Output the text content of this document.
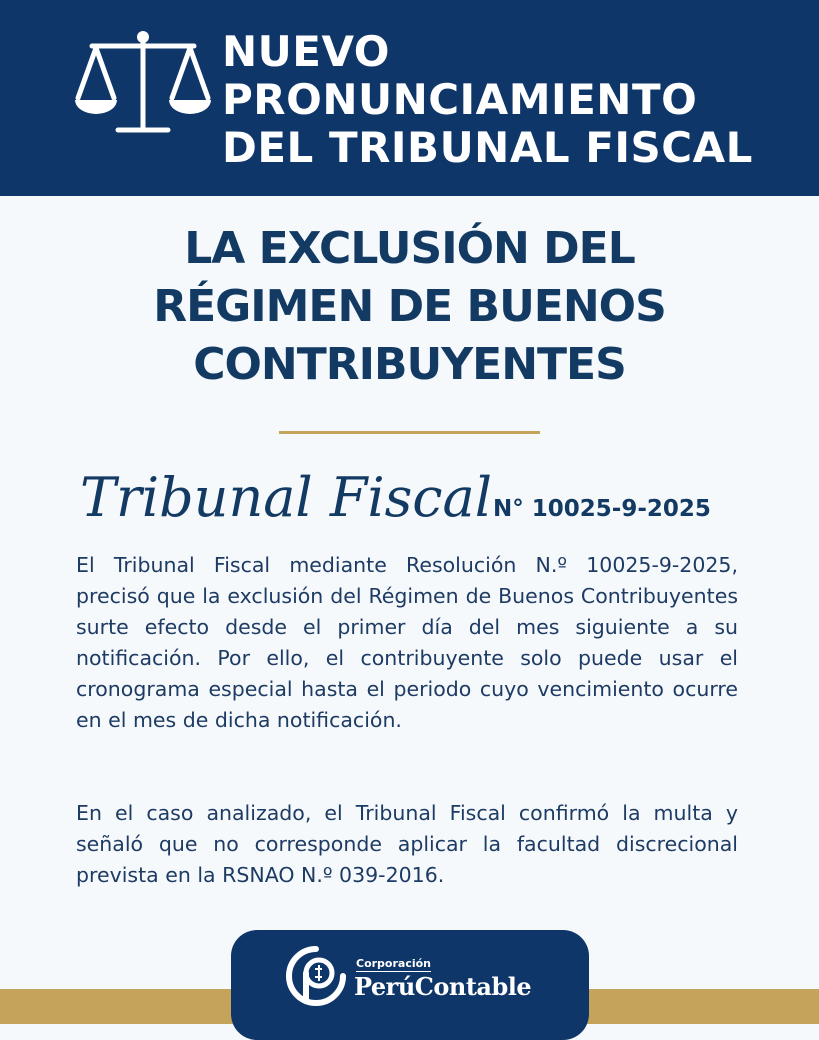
NUEVO
PRONUNCIAMIENTO
DEL TRIBUNAL FISCAL
LA EXCLUSIÓN DEL
RÉGIMEN DE BUENOS
CONTRIBUYENTES
Tribunal Fiscal N° 10025-9-2025
El Tribunal Fiscal mediante Resolución N.º 10025-9-2025, precisó que la exclusión del Régimen de Buenos Contribuyentes surte efecto desde el primer día del mes siguiente a su notificación. Por ello, el contribuyente solo puede usar el cronograma especial hasta el periodo cuyo vencimiento ocurre en el mes de dicha notificación.
En el caso analizado, el Tribunal Fiscal confirmó la multa y señaló que no corresponde aplicar la facultad discrecional prevista en la RSNAO N.º 039-2016.
Corporación
PerúContable
